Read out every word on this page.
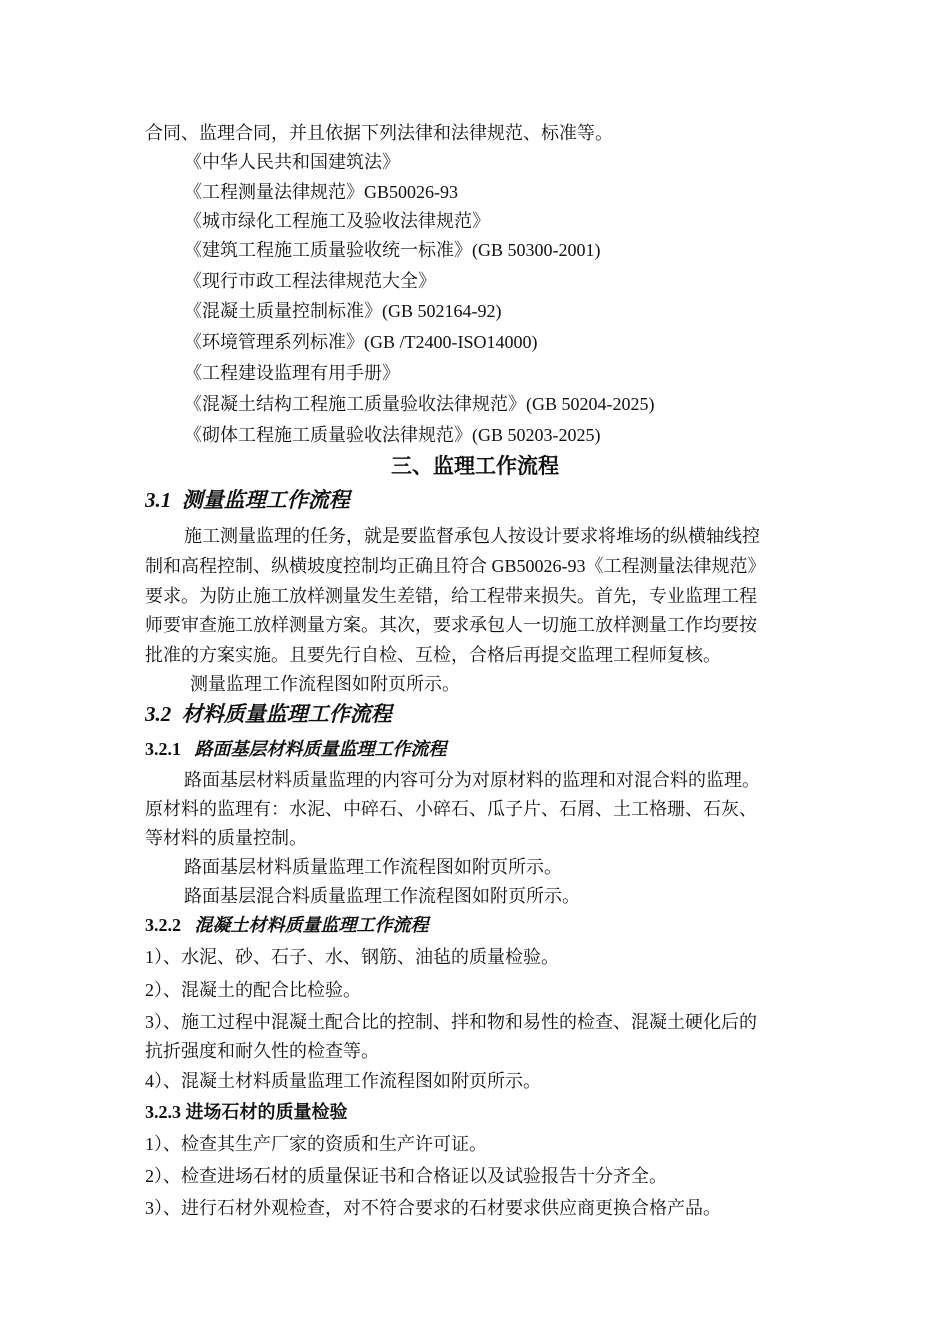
合同、监理合同，并且依据下列法律和法律规范、标准等。
《中华人民共和国建筑法》
《工程测量法律规范》GB50026-93
《城市绿化工程施工及验收法律规范》
《建筑工程施工质量验收统一标准》(GB 50300-2001)
《现行市政工程法律规范大全》
《混凝土质量控制标准》(GB 502164-92)
《环境管理系列标准》(GB /T2400-ISO14000)
《工程建设监理有用手册》
《混凝土结构工程施工质量验收法律规范》(GB 50204-2025)
《砌体工程施工质量验收法律规范》(GB 50203-2025)
三、监理工作流程
3.1 测量监理工作流程
施工测量监理的任务，就是要监督承包人按设计要求将堆场的纵横轴线控
制和高程控制、纵横坡度控制均正确且符合 GB50026-93《工程测量法律规范》
要求。为防止施工放样测量发生差错，给工程带来损失。首先，专业监理工程
师要审查施工放样测量方案。其次，要求承包人一切施工放样测量工作均要按
批准的方案实施。且要先行自检、互检，合格后再提交监理工程师复核。
测量监理工作流程图如附页所示。
3.2 材料质量监理工作流程
3.2.1 路面基层材料质量监理工作流程
路面基层材料质量监理的内容可分为对原材料的监理和对混合料的监理。
原材料的监理有：水泥、中碎石、小碎石、瓜子片、石屑、土工格珊、石灰、
等材料的质量控制。
路面基层材料质量监理工作流程图如附页所示。
路面基层混合料质量监理工作流程图如附页所示。
3.2.2 混凝土材料质量监理工作流程
1）、水泥、砂、石子、水、钢筋、油毡的质量检验。
2）、混凝土的配合比检验。
3）、施工过程中混凝土配合比的控制、拌和物和易性的检查、混凝土硬化后的
抗折强度和耐久性的检查等。
4）、混凝土材料质量监理工作流程图如附页所示。
3.2.3 进场石材的质量检验
1）、检查其生产厂家的资质和生产许可证。
2）、检查进场石材的质量保证书和合格证以及试验报告十分齐全。
3）、进行石材外观检查，对不符合要求的石材要求供应商更换合格产品。
